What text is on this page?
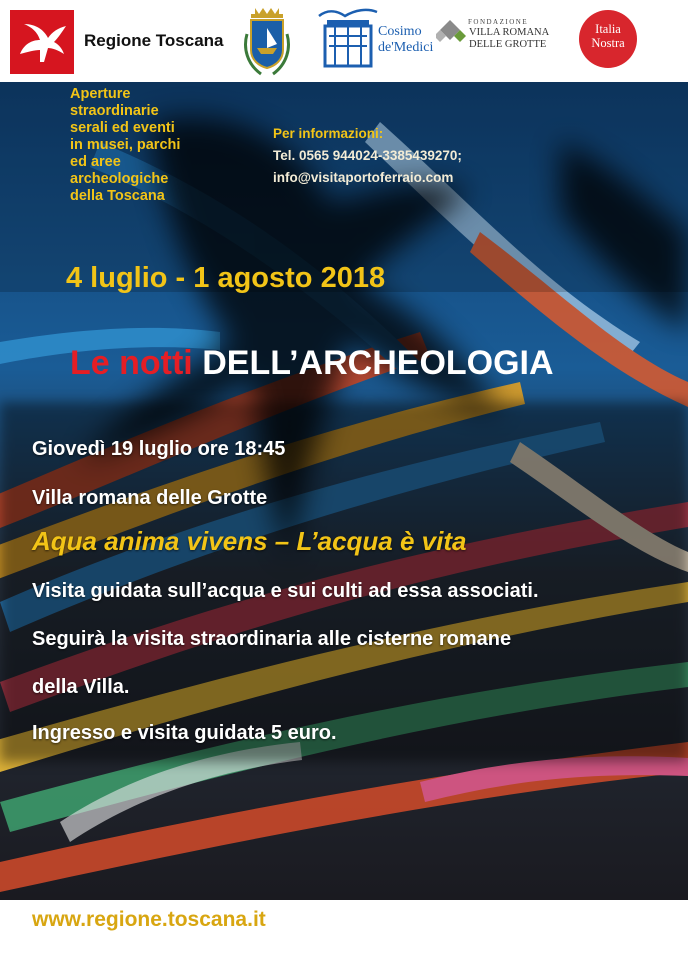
Regione Toscana	Cosimo
de'Medici
FONDAZIONE
VILLA ROMANA
DELLE GROTTE
Italia
Nostra
Aperture
straordinarie
serali ed eventi
in musei, parchi
ed aree
archeologiche
della Toscana
Per informazioni:
Tel. 0565 944024-3385439270;
info@visitaportoferraio.com
4 luglio - 1 agosto 2018
Le notti DELL’ARCHEOLOGIA
Giovedì 19 luglio ore 18:45
Villa romana delle Grotte
Aqua anima vivens – L’acqua è vita
Visita guidata sull’acqua e sui culti ad essa associati.
Seguirà la visita straordinaria alle cisterne romane
della Villa.
Ingresso e visita guidata 5 euro.
www.regione.toscana.it
